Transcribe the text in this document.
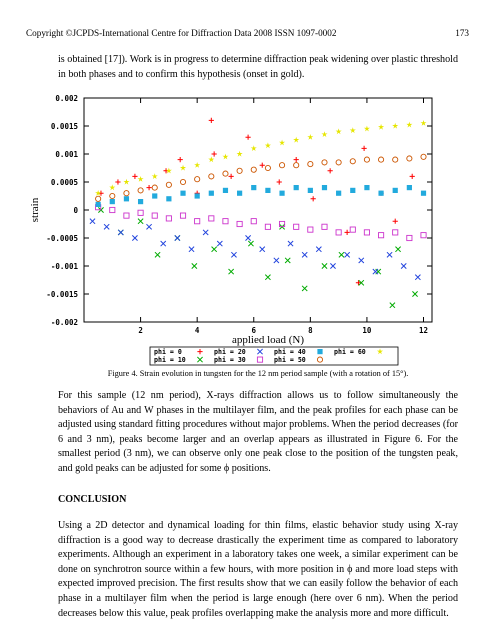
Copyright ©JCPDS-International Centre for Diffraction Data 2008 ISSN 1097-0002	173
is obtained [17]). Work is in progress to determine diffraction peak widening over plastic threshold in both phases and to confirm this hypothesis (onset in gold).
0.002
0.0015
0.001
0.0005
0
-0.0005
-0.001
-0.0015
-0.002
2	4	6	8	10	12
applied load (N)
strain
phi = 0	phi = 20	phi = 40	phi = 60
phi = 10	phi = 30	phi = 50
Figure 4. Strain evolution in tungsten for the 12 nm period sample (with a rotation of 15°).
For this sample (12 nm period), X-rays diffraction allows us to follow simultaneously the behaviors of Au and W phases in the multilayer film, and the peak profiles for each phase can be adjusted using standard fitting procedures without major problems. When the period decreases (for 6 and 3 nm), peaks become larger and an overlap appears as illustrated in Figure 6. For the smallest period (3 nm), we can observe only one peak close to the position of the tungsten peak, and gold peaks can be adjusted for some ϕ positions.
CONCLUSION
Using a 2D detector and dynamical loading for thin films, elastic behavior study using X-ray diffraction is a good way to decrease drastically the experiment time as compared to laboratory experiments. Although an experiment in a laboratory takes one week, a similar experiment can be done on synchrotron source within a few hours, with more position in ϕ and more load steps with expected improved precision. The first results show that we can easily follow the behavior of each phase in a multilayer film when the period is large enough (here over 6 nm). When the period decreases below this value, peak profiles overlapping make the analysis more and more difficult.
